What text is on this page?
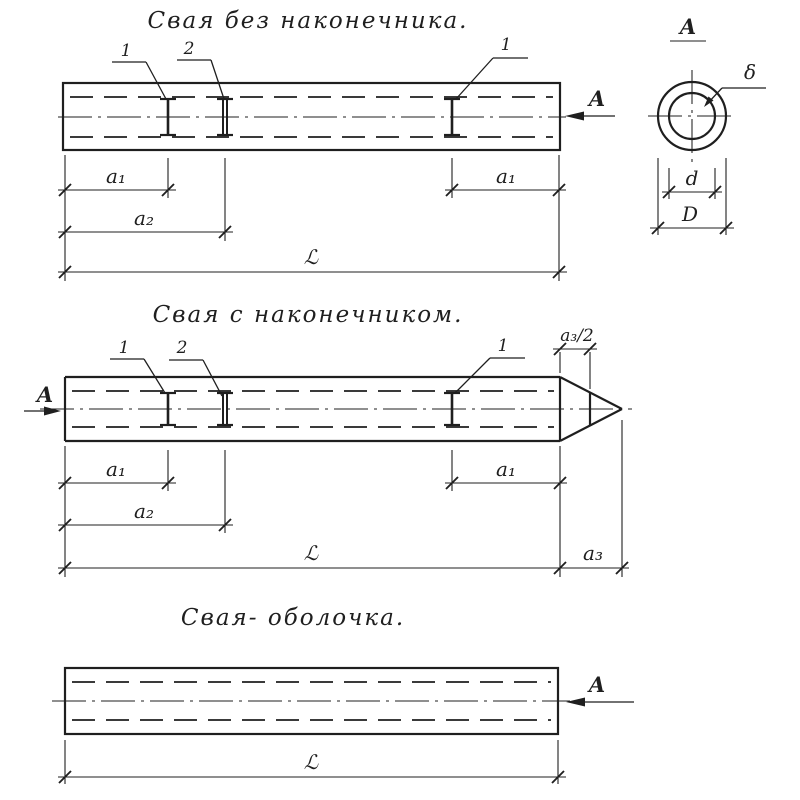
Свая без наконечника.
1	2	1
А
a₁
a₂
a₁
ℒ
А
δ
d
D
Свая с наконечником.
1	2	1
А
a₃/2
a₁
a₂
a₁
ℒ	a₃
Свая- оболочка.
А
ℒ
